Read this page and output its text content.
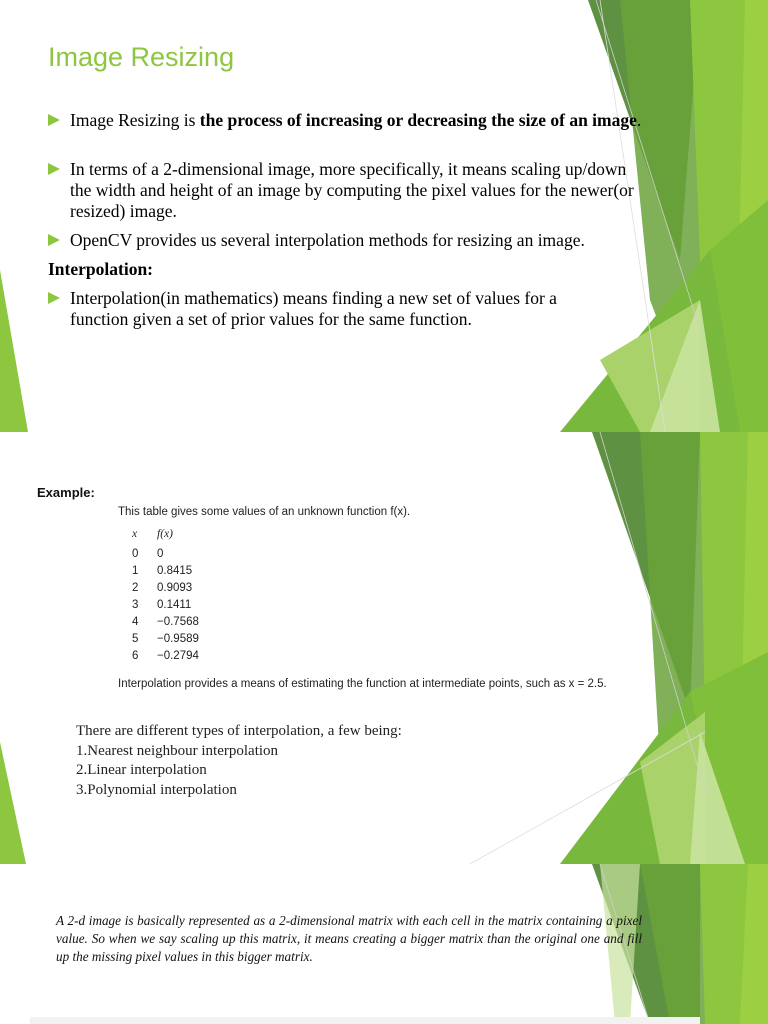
Image Resizing
Image Resizing is the process of increasing or decreasing the size of an image.
In terms of a 2-dimensional image, more specifically, it means scaling up/down the width and height of an image by computing the pixel values for the newer(or resized) image.
OpenCV provides us several interpolation methods for resizing an image.
Interpolation:
Interpolation(in mathematics) means finding a new set of values for a function given a set of prior values for the same function.
Example:
This table gives some values of an unknown function f(x).
x f(x)
0 0
1 0.8415
2 0.9093
3 0.1411
4 −0.7568
5 −0.9589
6 −0.2794
Interpolation provides a means of estimating the function at intermediate points, such as x = 2.5.
There are different types of interpolation, a few being:
1.Nearest neighbour interpolation
2.Linear interpolation
3.Polynomial interpolation
A 2-d image is basically represented as a 2-dimensional matrix with each cell in the matrix containing a pixel value. So when we say scaling up this matrix, it means creating a bigger matrix than the original one and fill up the missing pixel values in this bigger matrix.
